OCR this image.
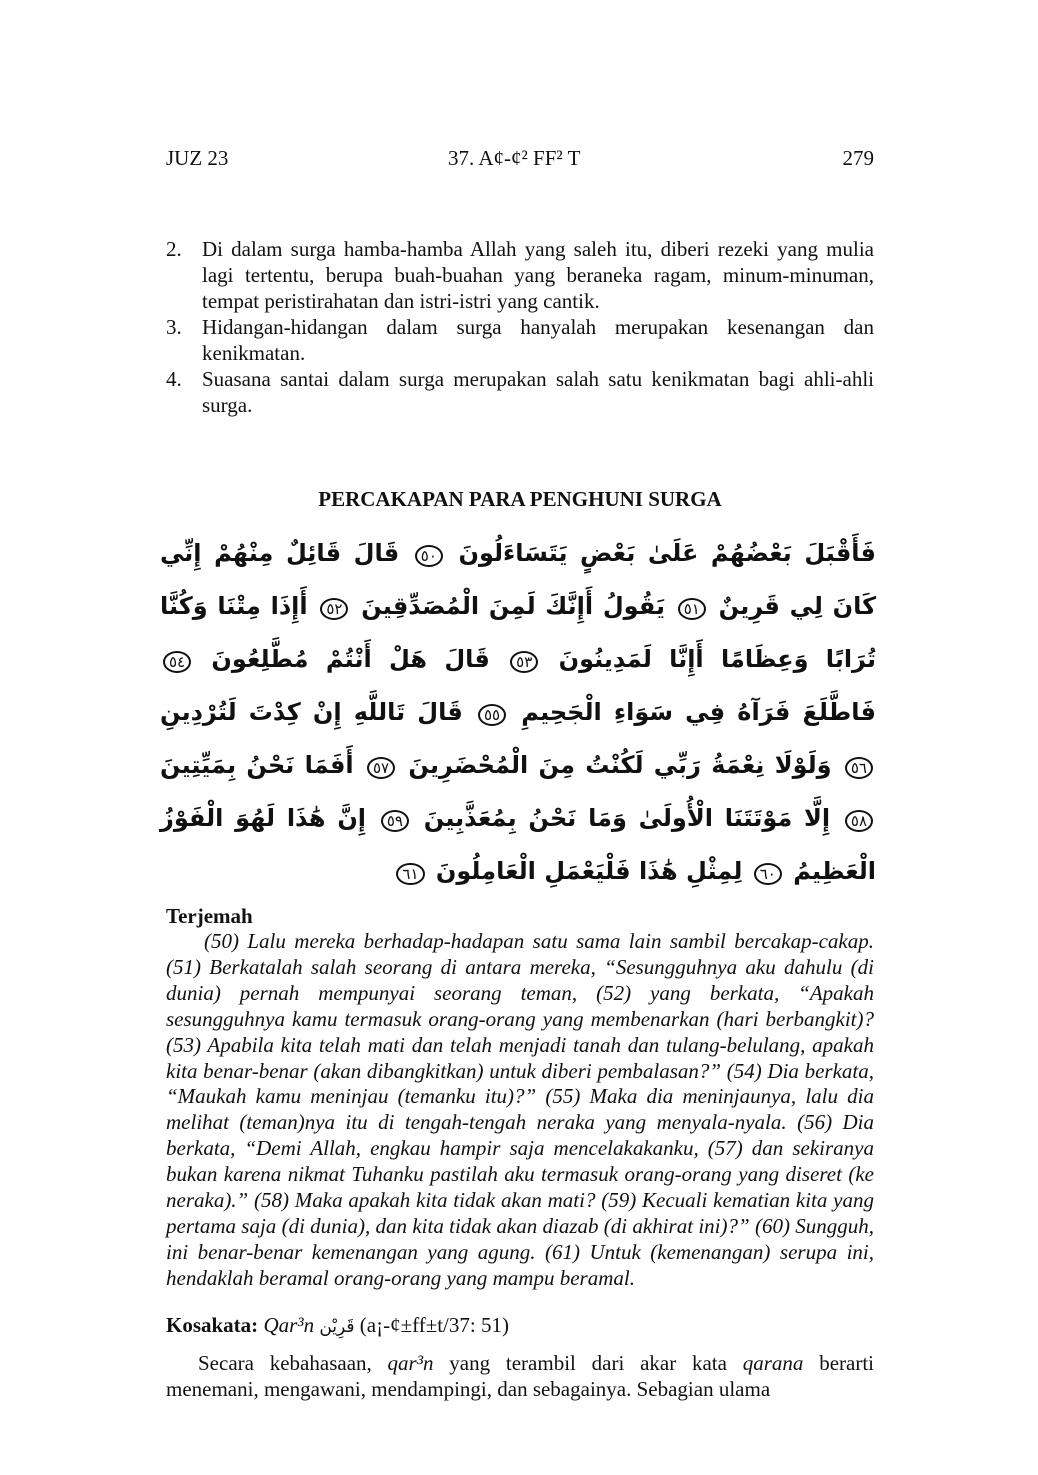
JUZ 23	37. A¢-¢² FF² T	279
2. Di dalam surga hamba-hamba Allah yang saleh itu, diberi rezeki yang mulia lagi tertentu, berupa buah-buahan yang beraneka ragam, minum-minuman, tempat peristirahatan dan istri-istri yang cantik.
3. Hidangan-hidangan dalam surga hanyalah merupakan kesenangan dan kenikmatan.
4. Suasana santai dalam surga merupakan salah satu kenikmatan bagi ahli-ahli surga.
PERCAKAPAN PARA PENGHUNI SURGA
فَأَقْبَلَ بَعْضُهُمْ عَلَىٰ بَعْضٍ يَتَسَاءَلُونَ ٥٠ قَالَ قَائِلٌ مِنْهُمْ إِنِّي كَانَ لِي قَرِينٌ ٥١ يَقُولُ أَإِنَّكَ لَمِنَ الْمُصَدِّقِينَ ٥٢ أَإِذَا مِتْنَا وَكُنَّا تُرَابًا وَعِظَامًا أَإِنَّا لَمَدِينُونَ ٥٣ قَالَ هَلْ أَنْتُمْ مُطَّلِعُونَ ٥٤ فَاطَّلَعَ فَرَآهُ فِي سَوَاءِ الْجَحِيمِ ٥٥ قَالَ تَاللَّهِ إِنْ كِدْتَ لَتُرْدِينِ ٥٦ وَلَوْلَا نِعْمَةُ رَبِّي لَكُنْتُ مِنَ الْمُحْضَرِينَ ٥٧ أَفَمَا نَحْنُ بِمَيِّتِينَ ٥٨ إِلَّا مَوْتَتَنَا الْأُولَىٰ وَمَا نَحْنُ بِمُعَذَّبِينَ ٥٩ إِنَّ هَٰذَا لَهُوَ الْفَوْزُ الْعَظِيمُ ٦٠ لِمِثْلِ هَٰذَا فَلْيَعْمَلِ الْعَامِلُونَ ٦١
Terjemah
(50) Lalu mereka berhadap-hadapan satu sama lain sambil bercakap-cakap. (51) Berkatalah salah seorang di antara mereka, “Sesungguhnya aku dahulu (di dunia) pernah mempunyai seorang teman, (52) yang berkata, “Apakah sesungguhnya kamu termasuk orang-orang yang membenarkan (hari berbangkit)? (53) Apabila kita telah mati dan telah menjadi tanah dan tulang-belulang, apakah kita benar-benar (akan dibangkitkan) untuk diberi pembalasan?” (54) Dia berkata, “Maukah kamu meninjau (temanku itu)?” (55) Maka dia meninjaunya, lalu dia melihat (teman)nya itu di tengah-tengah neraka yang menyala-nyala. (56) Dia berkata, “Demi Allah, engkau hampir saja mencelakakanku, (57) dan sekiranya bukan karena nikmat Tuhanku pastilah aku termasuk orang-orang yang diseret (ke neraka).” (58) Maka apakah kita tidak akan mati? (59) Kecuali kematian kita yang pertama saja (di dunia), dan kita tidak akan diazab (di akhirat ini)?” (60) Sungguh, ini benar-benar kemenangan yang agung. (61) Untuk (kemenangan) serupa ini, hendaklah beramal orang-orang yang mampu beramal.
Kosakata: Qar³n قَرِيْن (a¡-¢±ff±t/37: 51)
Secara kebahasaan, qar³n yang terambil dari akar kata qarana berarti menemani, mengawani, mendampingi, dan sebagainya. Sebagian ulama
